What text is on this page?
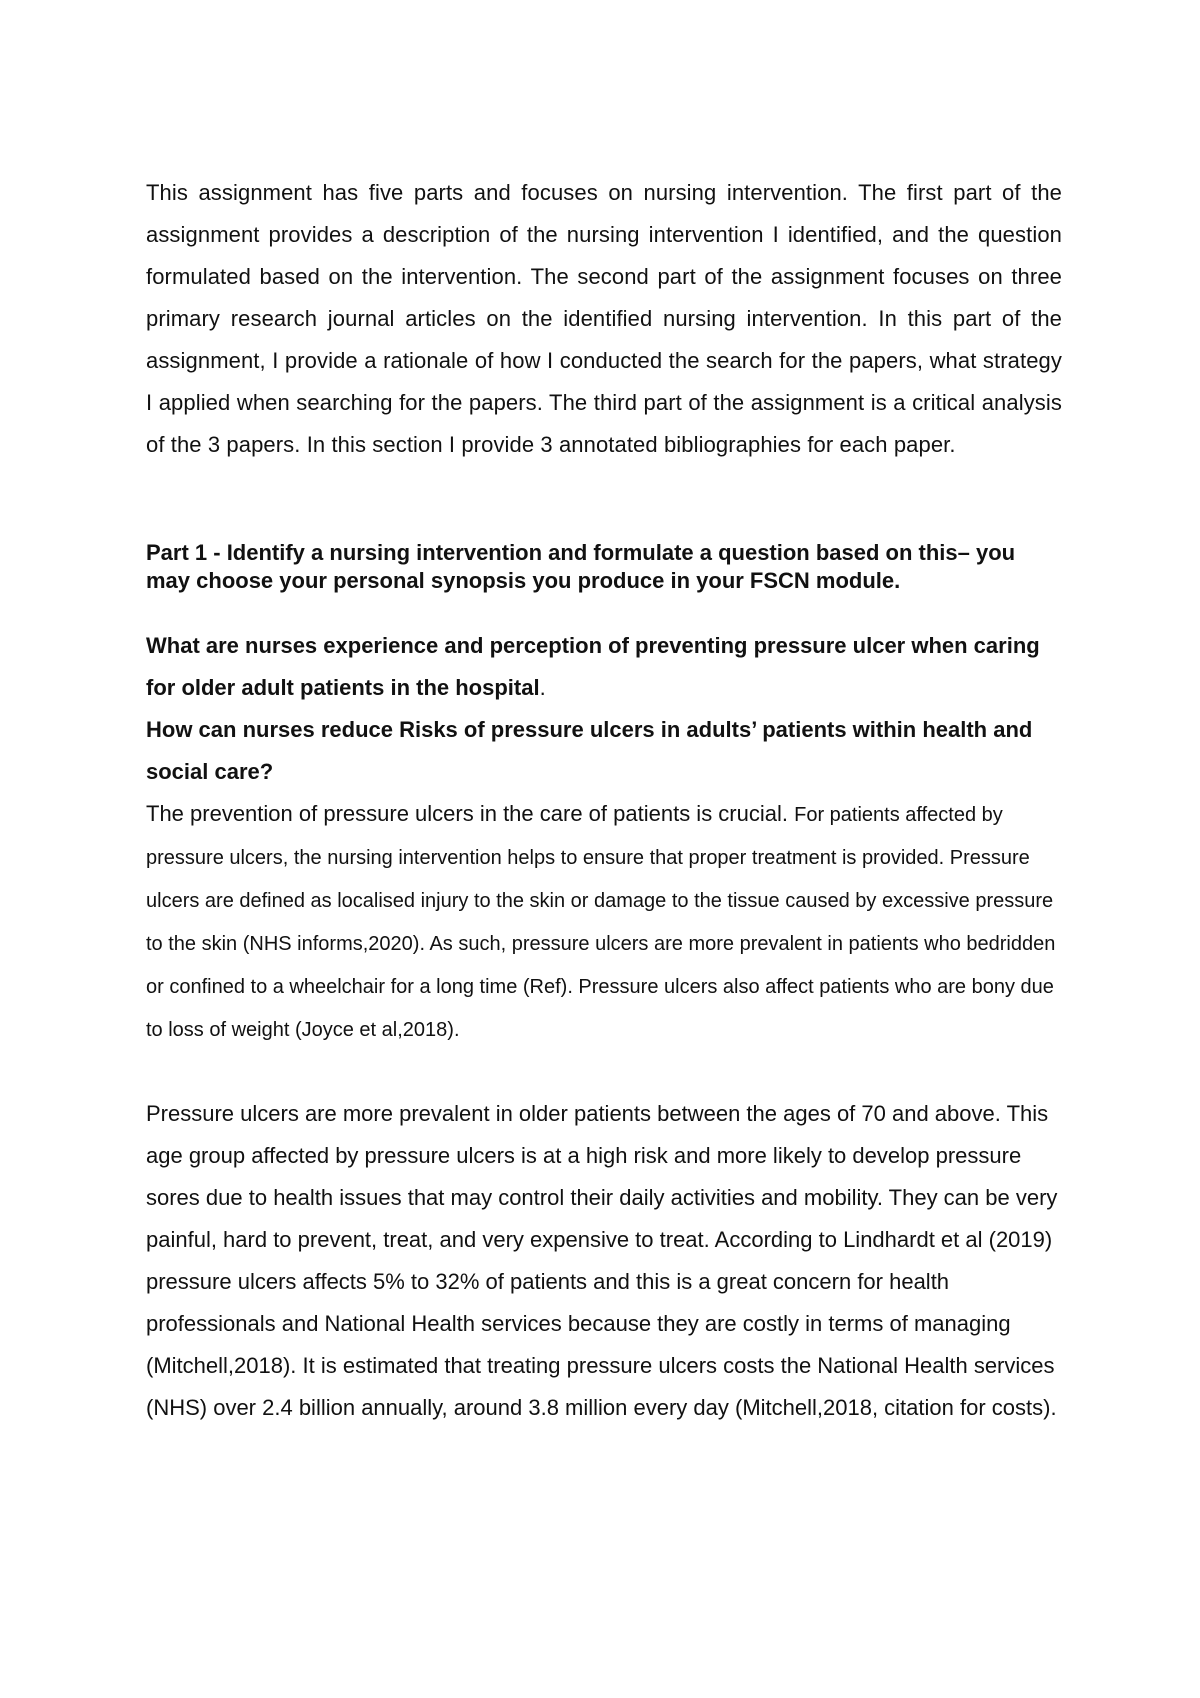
This assignment has five parts and focuses on nursing intervention. The first part of the assignment provides a description of the nursing intervention I identified, and the question formulated based on the intervention. The second part of the assignment focuses on three primary research journal articles on the identified nursing intervention. In this part of the assignment, I provide a rationale of how I conducted the search for the papers, what strategy I applied when searching for the papers. The third part of the assignment is a critical analysis of the 3 papers. In this section I provide 3 annotated bibliographies for each paper.

Part 1 - Identify a nursing intervention and formulate a question based on this– you may choose your personal synopsis you produce in your FSCN module.

What are nurses experience and perception of preventing pressure ulcer when caring for older adult patients in the hospital.

How can nurses reduce Risks of pressure ulcers in adults’ patients within health and social care?

The prevention of pressure ulcers in the care of patients is crucial. For patients affected by pressure ulcers, the nursing intervention helps to ensure that proper treatment is provided. Pressure ulcers are defined as localised injury to the skin or damage to the tissue caused by excessive pressure to the skin (NHS informs,2020). As such, pressure ulcers are more prevalent in patients who bedridden or confined to a wheelchair for a long time (Ref). Pressure ulcers also affect patients who are bony due to loss of weight (Joyce et al,2018).

Pressure ulcers are more prevalent in older patients between the ages of 70 and above. This age group affected by pressure ulcers is at a high risk and more likely to develop pressure sores due to health issues that may control their daily activities and mobility. They can be very painful, hard to prevent, treat, and very expensive to treat. According to Lindhardt et al (2019) pressure ulcers affects 5% to 32% of patients and this is a great concern for health professionals and National Health services because they are costly in terms of managing (Mitchell,2018). It is estimated that treating pressure ulcers costs the National Health services (NHS) over 2.4 billion annually, around 3.8 million every day (Mitchell,2018, citation for costs).
